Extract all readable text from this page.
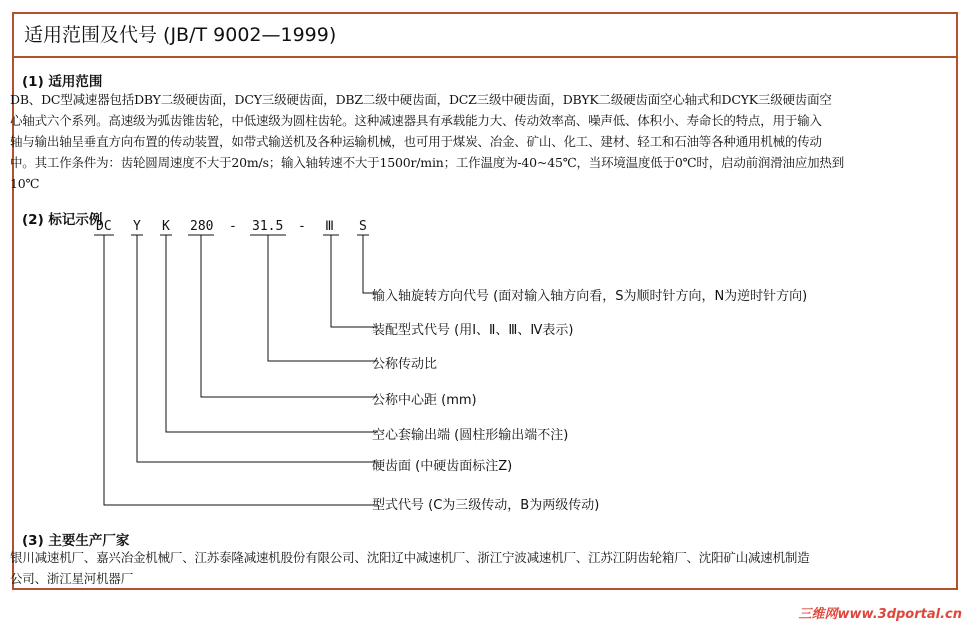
适用范围及代号 (JB/T 9002—1999)
(1) 适用范围
DB、DC型减速器包括DBY二级硬齿面，DCY三级硬齿面，DBZ二级中硬齿面，DCZ三级中硬齿面，DBYK二级硬齿面空心轴式和DCYK三级硬齿面空
心轴式六个系列。高速级为弧齿锥齿轮，中低速级为圆柱齿轮。这种减速器具有承载能力大、传动效率高、噪声低、体积小、寿命长的特点，用于输入
轴与输出轴呈垂直方向布置的传动装置，如带式输送机及各种运输机械，也可用于煤炭、冶金、矿山、化工、建材、轻工和石油等各种通用机械的传动
中。其工作条件为：齿轮圆周速度不大于20m/s；输入轴转速不大于1500r/min；工作温度为-40~45℃，当环境温度低于0℃时，启动前润滑油应加热到
10℃
(2) 标记示例
DC Y K 280 - 31.5 - Ⅲ S
输入轴旋转方向代号 (面对输入轴方向看，S为顺时针方向，N为逆时针方向)
装配型式代号 (用Ⅰ、Ⅱ、Ⅲ、Ⅳ表示)
公称传动比
公称中心距 (mm)
空心套输出端 (圆柱形输出端不注)
硬齿面 (中硬齿面标注Z)
型式代号 (C为三级传动，B为两级传动)
(3) 主要生产厂家
银川减速机厂、嘉兴冶金机械厂、江苏泰隆减速机股份有限公司、沈阳辽中减速机厂、浙江宁波减速机厂、江苏江阴齿轮箱厂、沈阳矿山减速机制造
公司、浙江星河机器厂
三维网www.3dportal.cn
